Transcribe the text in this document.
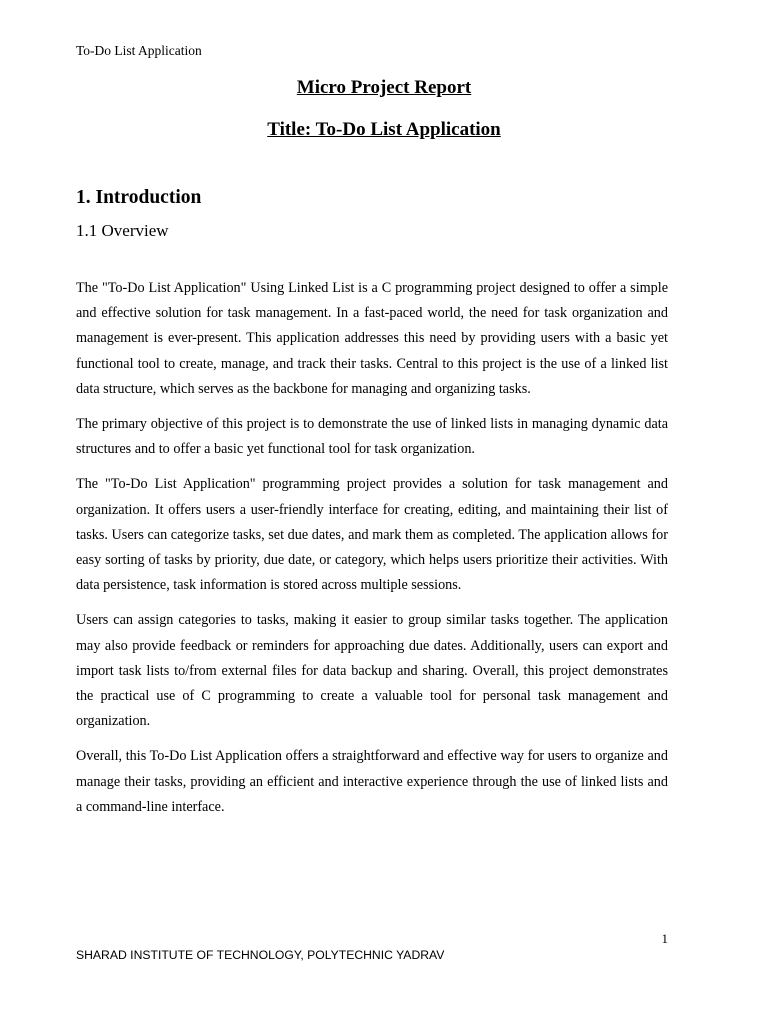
To-Do List Application
Micro Project Report
Title: To-Do List Application
1. Introduction
1.1 Overview

The "To-Do List Application" Using Linked List is a C programming project designed to offer a simple and effective solution for task management. In a fast-paced world, the need for task organization and management is ever-present. This application addresses this need by providing users with a basic yet functional tool to create, manage, and track their tasks. Central to this project is the use of a linked list data structure, which serves as the backbone for managing and organizing tasks.

The primary objective of this project is to demonstrate the use of linked lists in managing dynamic data structures and to offer a basic yet functional tool for task organization.

The "To-Do List Application" programming project provides a solution for task management and organization. It offers users a user-friendly interface for creating, editing, and maintaining their list of tasks. Users can categorize tasks, set due dates, and mark them as completed. The application allows for easy sorting of tasks by priority, due date, or category, which helps users prioritize their activities. With data persistence, task information is stored across multiple sessions.

Users can assign categories to tasks, making it easier to group similar tasks together. The application may also provide feedback or reminders for approaching due dates. Additionally, users can export and import task lists to/from external files for data backup and sharing. Overall, this project demonstrates the practical use of C programming to create a valuable tool for personal task management and organization.

Overall, this To-Do List Application offers a straightforward and effective way for users to organize and manage their tasks, providing an efficient and interactive experience through the use of linked lists and a command-line interface.

1
SHARAD INSTITUTE OF TECHNOLOGY, POLYTECHNIC YADRAV
